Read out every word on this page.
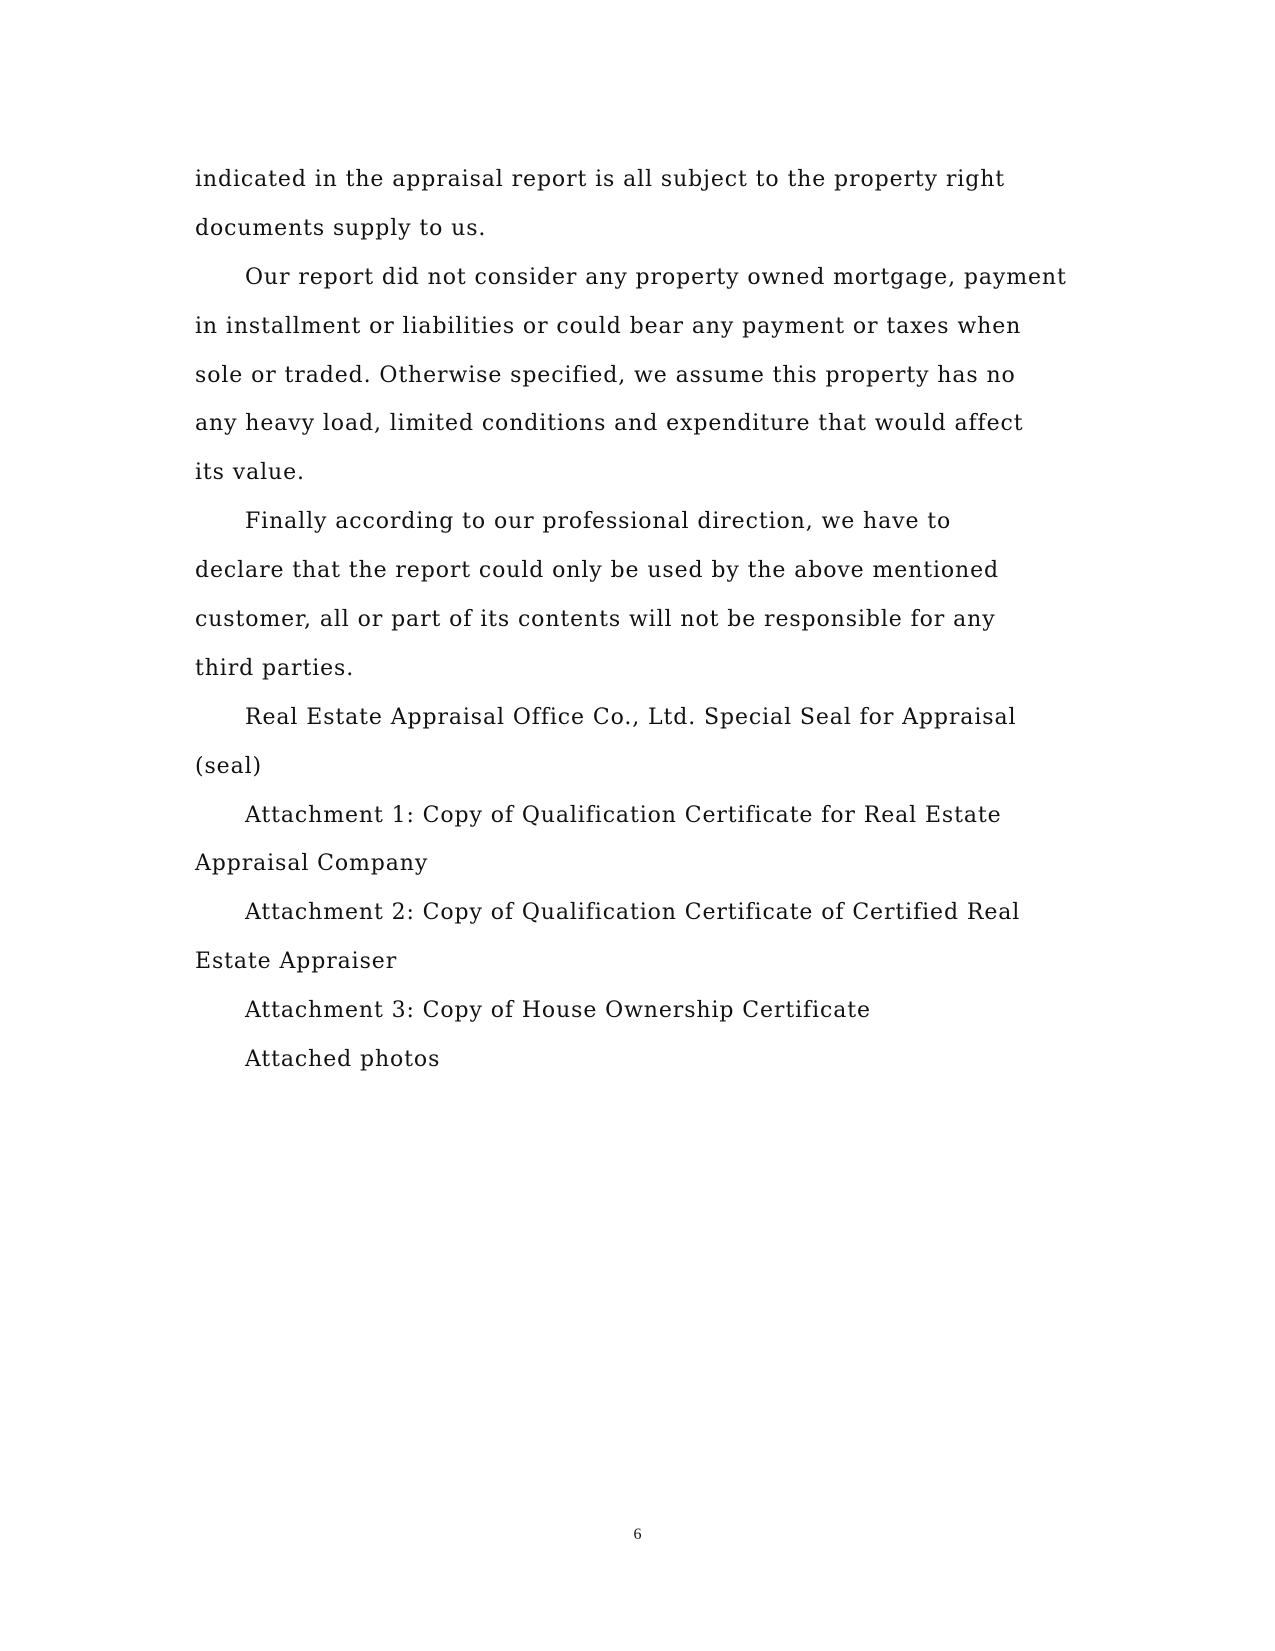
indicated in the appraisal report is all subject to the property right
documents supply to us.
Our report did not consider any property owned mortgage, payment
in installment or liabilities or could bear any payment or taxes when
sole or traded. Otherwise specified, we assume this property has no
any heavy load, limited conditions and expenditure that would affect
its value.
Finally according to our professional direction, we have to
declare that the report could only be used by the above mentioned
customer, all or part of its contents will not be responsible for any
third parties.
Real Estate Appraisal Office Co., Ltd. Special Seal for Appraisal
(seal)
Attachment 1: Copy of Qualification Certificate for Real Estate
Appraisal Company
Attachment 2: Copy of Qualification Certificate of Certified Real
Estate Appraiser
Attachment 3: Copy of House Ownership Certificate
Attached photos
6
